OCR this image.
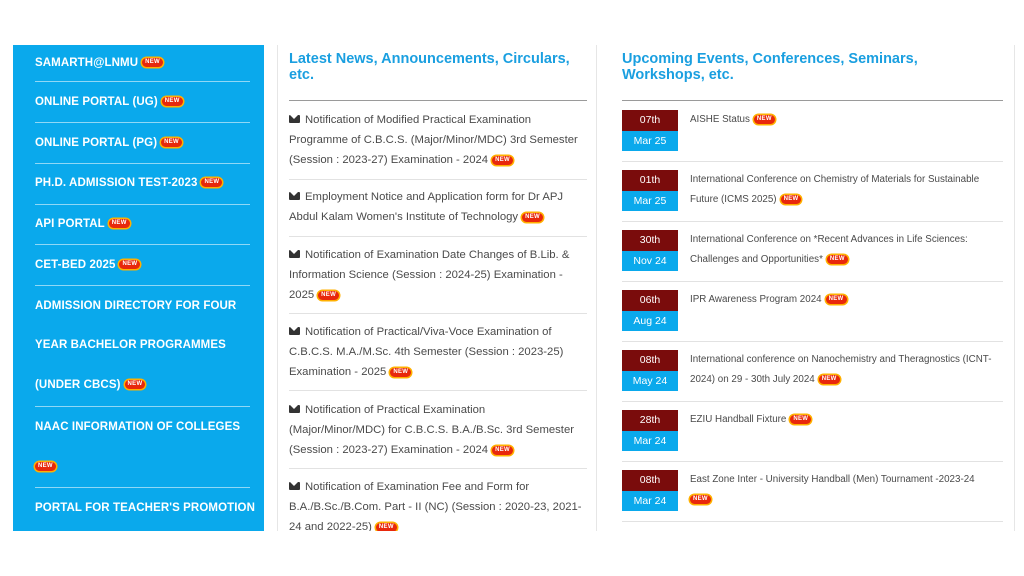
SAMARTH@LNMU NEW
ONLINE PORTAL (UG) NEW
ONLINE PORTAL (PG) NEW
PH.D. ADMISSION TEST-2023 NEW
API PORTAL NEW
CET-BED 2025 NEW
ADMISSION DIRECTORY FOR FOUR
YEAR BACHELOR PROGRAMMES
(UNDER CBCS) NEW
NAAC INFORMATION OF COLLEGES
NEW
PORTAL FOR TEACHER'S PROMOTION
Latest News, Announcements, Circulars,
etc.
Notification of Modified Practical Examination
Programme of C.B.C.S. (Major/Minor/MDC) 3rd Semester
(Session : 2023-27) Examination - 2024 NEW
Employment Notice and Application form for Dr APJ
Abdul Kalam Women's Institute of Technology NEW
Notification of Examination Date Changes of B.Lib. &
Information Science (Session : 2024-25) Examination -
2025 NEW
Notification of Practical/Viva-Voce Examination of
C.B.C.S. M.A./M.Sc. 4th Semester (Session : 2023-25)
Examination - 2025 NEW
Notification of Practical Examination
(Major/Minor/MDC) for C.B.C.S. B.A./B.Sc. 3rd Semester
(Session : 2023-27) Examination - 2024 NEW
Notification of Examination Fee and Form for
B.A./B.Sc./B.Com. Part - II (NC) (Session : 2020-23, 2021-
24 and 2022-25) NEW
Upcoming Events, Conferences, Seminars,
Workshops, etc.
07th
Mar 25
AISHE Status NEW
01th
Mar 25
International Conference on Chemistry of Materials for Sustainable
Future (ICMS 2025) NEW
30th
Nov 24
International Conference on *Recent Advances in Life Sciences:
Challenges and Opportunities* NEW
06th
Aug 24
IPR Awareness Program 2024 NEW
08th
May 24
International conference on Nanochemistry and Theragnostics (ICNT-
2024) on 29 - 30th July 2024 NEW
28th
Mar 24
EZIU Handball Fixture NEW
08th
Mar 24
East Zone Inter - University Handball (Men) Tournament -2023-24
NEW
